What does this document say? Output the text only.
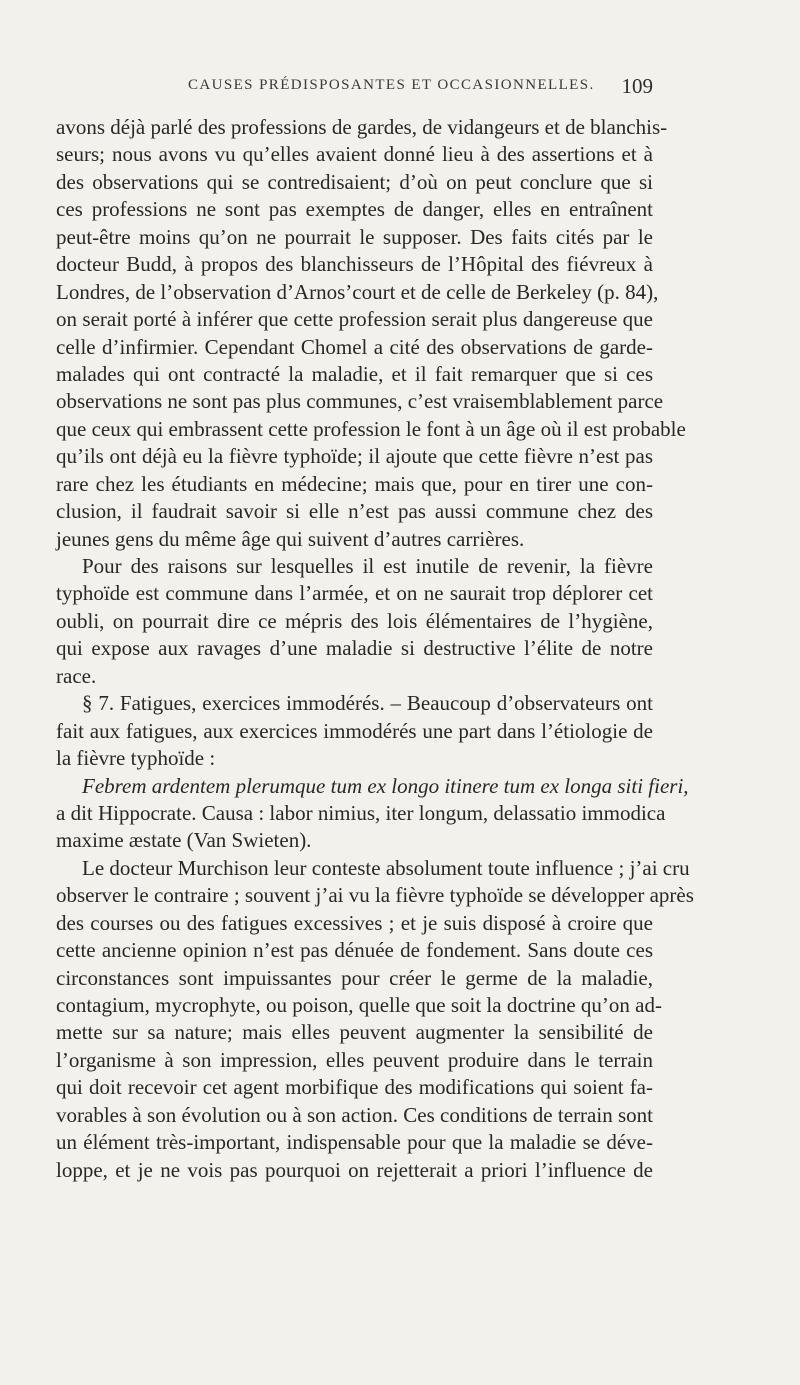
CAUSES PRÉDISPOSANTES ET OCCASIONNELLES. 109
avons déjà parlé des professions de gardes, de vidangeurs et de blanchis-
seurs; nous avons vu qu’elles avaient donné lieu à des assertions et à
des observations qui se contredisaient; d’où on peut conclure que si
ces professions ne sont pas exemptes de danger, elles en entraînent
peut-être moins qu’on ne pourrait le supposer. Des faits cités par le
docteur Budd, à propos des blanchisseurs de l’Hôpital des fiévreux à
Londres, de l’observation d’Arnos’court et de celle de Berkeley (p. 84),
on serait porté à inférer que cette profession serait plus dangereuse que
celle d’infirmier. Cependant Chomel a cité des observations de garde-
malades qui ont contracté la maladie, et il fait remarquer que si ces
observations ne sont pas plus communes, c’est vraisemblablement parce
que ceux qui embrassent cette profession le font à un âge où il est probable
qu’ils ont déjà eu la fièvre typhoïde; il ajoute que cette fièvre n’est pas
rare chez les étudiants en médecine; mais que, pour en tirer une con-
clusion, il faudrait savoir si elle n’est pas aussi commune chez des
jeunes gens du même âge qui suivent d’autres carrières.
Pour des raisons sur lesquelles il est inutile de revenir, la fièvre
typhoïde est commune dans l’armée, et on ne saurait trop déplorer cet
oubli, on pourrait dire ce mépris des lois élémentaires de l’hygiène,
qui expose aux ravages d’une maladie si destructive l’élite de notre
race.
§ 7. Fatigues, exercices immodérés. – Beaucoup d’observateurs ont
fait aux fatigues, aux exercices immodérés une part dans l’étiologie de
la fièvre typhoïde :
Febrem ardentem plerumque tum ex longo itinere tum ex longa siti fieri,
a dit Hippocrate. Causa : labor nimius, iter longum, delassatio immodica
maxime æstate (Van Swieten).
Le docteur Murchison leur conteste absolument toute influence ; j’ai cru
observer le contraire ; souvent j’ai vu la fièvre typhoïde se développer après
des courses ou des fatigues excessives ; et je suis disposé à croire que
cette ancienne opinion n’est pas dénuée de fondement. Sans doute ces
circonstances sont impuissantes pour créer le germe de la maladie,
contagium, mycrophyte, ou poison, quelle que soit la doctrine qu’on ad-
mette sur sa nature; mais elles peuvent augmenter la sensibilité de
l’organisme à son impression, elles peuvent produire dans le terrain
qui doit recevoir cet agent morbifique des modifications qui soient fa-
vorables à son évolution ou à son action. Ces conditions de terrain sont
un élément très-important, indispensable pour que la maladie se déve-
loppe, et je ne vois pas pourquoi on rejetterait a priori l’influence de
